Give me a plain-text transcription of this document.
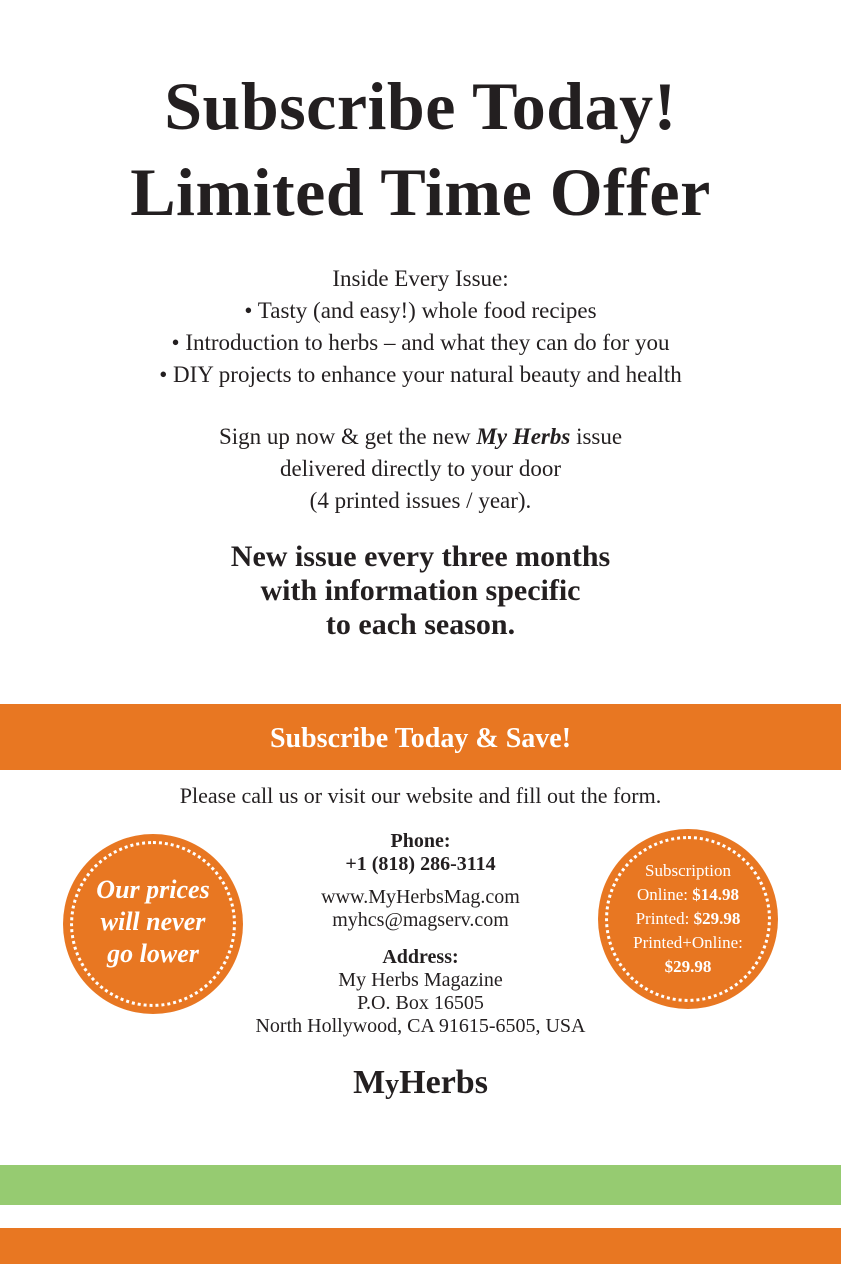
Subscribe Today!
Limited Time Offer
Inside Every Issue:
• Tasty (and easy!) whole food recipes
• Introduction to herbs – and what they can do for you
• DIY projects to enhance your natural beauty and health
Sign up now & get the new My Herbs issue
delivered directly to your door
(4 printed issues / year).
New issue every three months
with information specific
to each season.
Subscribe Today & Save!
Please call us or visit our website and fill out the form.
Phone:
+1 (818) 286-3114
www.MyHerbsMag.com
myhcs@magserv.com
Address:
My Herbs Magazine
P.O. Box 16505
North Hollywood, CA 91615-6505, USA
Our prices
will never
go lower
Subscription
Online: $14.98
Printed: $29.98
Printed+Online:
$29.98
MyHerbs
